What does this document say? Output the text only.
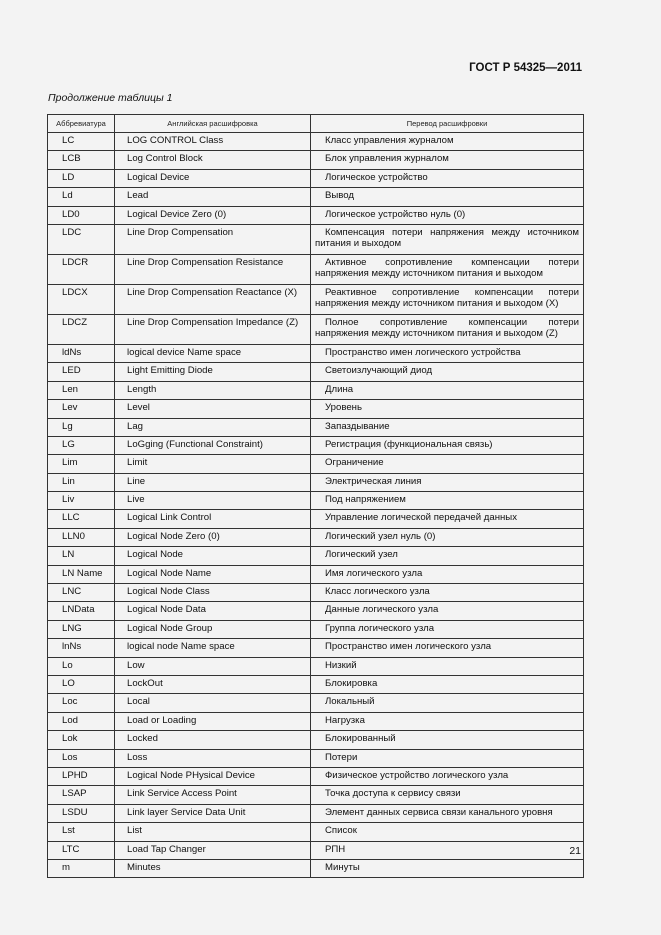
ГОСТ Р 54325—2011
Продолжение таблицы 1
Аббревиатура	Английская расшифровка	Перевод расшифровки
LC	LOG CONTROL Class	Класс управления журналом
LCB	Log Control Block	Блок управления журналом
LD	Logical Device	Логическое устройство
Ld	Lead	Вывод
LD0	Logical Device Zero (0)	Логическое устройство нуль (0)
LDC	Line Drop Compensation	Компенсация потери напряжения между источником питания и выходом
LDCR	Line Drop Compensation Resistance	Активное сопротивление компенсации потери напряжения между источником питания и выходом
LDCX	Line Drop Compensation Reactance (X)	Реактивное сопротивление компенсации потери напряжения между источником питания и выходом (X)
LDCZ	Line Drop Compensation Impedance (Z)	Полное сопротивление компенсации потери напряжения между источником питания и выходом (Z)
ldNs	logical device Name space	Пространство имен логического устройства
LED	Light Emitting Diode	Светоизлучающий диод
Len	Length	Длина
Lev	Level	Уровень
Lg	Lag	Запаздывание
LG	LoGging (Functional Constraint)	Регистрация (функциональная связь)
Lim	Limit	Ограничение
Lin	Line	Электрическая линия
Liv	Live	Под напряжением
LLC	Logical Link Control	Управление логической передачей данных
LLN0	Logical Node Zero (0)	Логический узел нуль (0)
LN	Logical Node	Логический узел
LN Name	Logical Node Name	Имя логического узла
LNC	Logical Node Class	Класс логического узла
LNData	Logical Node Data	Данные логического узла
LNG	Logical Node Group	Группа логического узла
lnNs	logical node Name space	Пространство имен логического узла
Lo	Low	Низкий
LO	LockOut	Блокировка
Loc	Local	Локальный
Lod	Load or Loading	Нагрузка
Lok	Locked	Блокированный
Los	Loss	Потери
LPHD	Logical Node PHysical Device	Физическое устройство логического узла
LSAP	Link Service Access Point	Точка доступа к сервису связи
LSDU	Link layer Service Data Unit	Элемент данных сервиса связи канального уровня
Lst	List	Список
LTC	Load Tap Changer	РПН
m	Minutes	Минуты
21
